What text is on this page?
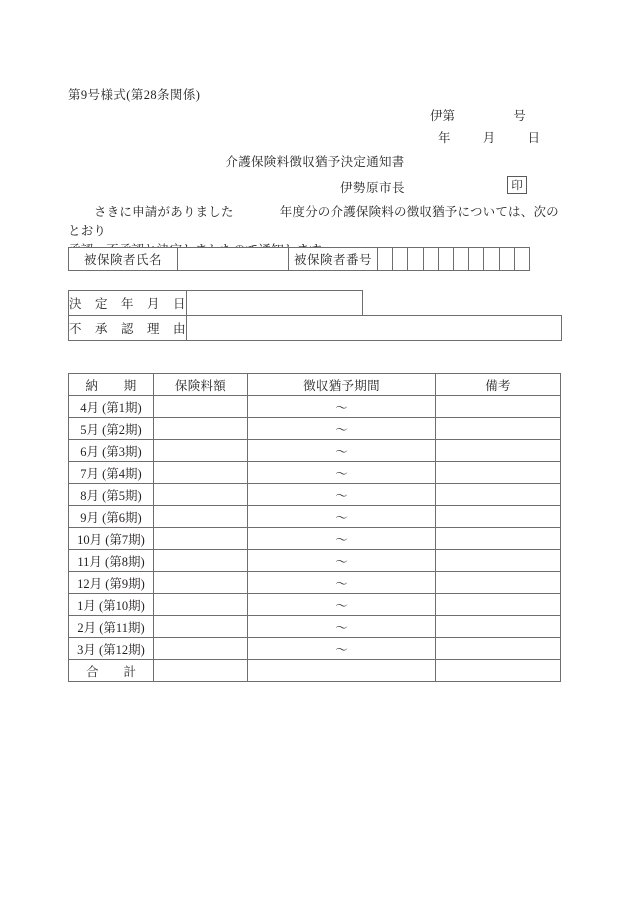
第9号様式(第28条関係)
伊第	号
年	月	日
介護保険料徴収猶予決定通知書
伊勢原市長	印
さきに申請がありました	年度分の介護保険料の徴収猶予については、次のとおり

被保険者氏名		被保険者番号										
決　定　年　月　日		
不　承　認　理　由		
納　　期	保険料額	徴収猶予期間	備考
4月 (第1期)		〜	
5月 (第2期)		〜	
6月 (第3期)		〜	
7月 (第4期)		〜	
8月 (第5期)		〜	
9月 (第6期)		〜	
10月 (第7期)		〜	
11月 (第8期)		〜	
12月 (第9期)		〜	
1月 (第10期)		〜	
2月 (第11期)		〜	
3月 (第12期)		〜	
合　　計			
